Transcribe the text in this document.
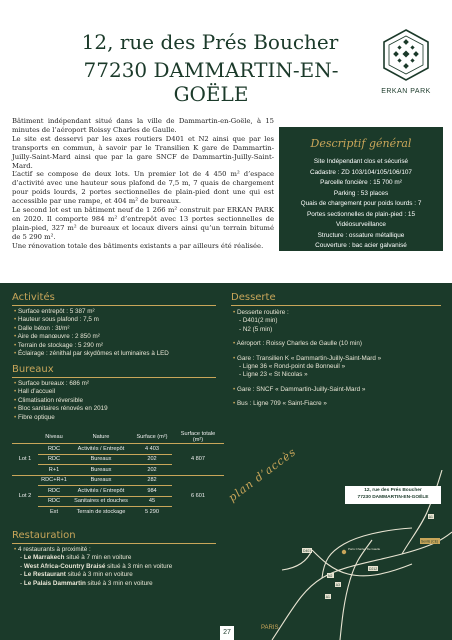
12, rue des Prés Boucher
77230 DAMMARTIN-EN-GOËLE	ERKAN PARK

Bâtiment indépendant situé dans la ville de Dammartin-en-Goële, à 15 minutes de l’aéroport Roissy Charles de Gaulle.

Le site est desservi par les axes routiers D401 et N2 ainsi que par les transports en commun, à savoir par le Transilien K gare de Dammartin-Juilly-Saint-Mard ainsi que par la gare SNCF de Dammartin-Juilly-Saint-Mard.

L’actif se compose de deux lots. Un premier lot de 4 450 m² d’espace d’activité avec une hauteur sous plafond de 7,5 m, 7 quais de chargement pour poids lourds, 2 portes sectionnelles de plain-pied dont une qui est accessible par une rampe, et 404 m² de bureaux.

Le second lot est un bâtiment neuf de 1 266 m² construit par ERKAN PARK en 2020. Il comporte 984 m² d’entrepôt avec 13 portes sectionnelles de plain-pied, 327 m² de bureaux et locaux divers ainsi qu’un terrain bitumé de 5 290 m².

Une rénovation totale des bâtiments existants a par ailleurs été réalisée.

Descriptif général
Site Indépendant clos et sécurisé
Cadastre : ZD 103/104/105/106/107
Parcelle foncière : 15 700 m²
Parking : 53 places
Quais de chargement pour poids lourds : 7
Portes sectionnelles de plain-pied : 15
Vidéosurveillance
Structure : ossature métallique
Couverture : bac acier galvanisé
Activités
• Surface entrepôt : 5 387 m²
• Hauteur sous plafond : 7,5 m
• Dalle béton : 3t/m²
• Aire de manœuvre : 2 850 m²
• Terrain de stockage : 5 290 m²
• Éclairage : zénithal par skydômes et luminaires à LED
Bureaux
• Surface bureaux : 686 m²
• Hall d’accueil
• Climatisation réversible
• Bloc sanitaires rénovés en 2019
• Fibre optique
Desserte
• Desserte routière :
- D401(2 min)
- N2 (5 min)
• Aéroport : Roissy Charles de Gaulle (10 min)
• Gare : Transilien K « Dammartin-Juilly-Saint-Mard »
- Ligne 36 « Rond-point de Bonneuil »
- Ligne 23 « St Nicolas »
• Gare : SNCF « Dammartin-Juilly-Saint-Mard »
• Bus : Ligne 709 « Saint-Fiacre »
	Niveau	Nature	Surface (m²)	Surface totale (m²)
Lot 1	RDC	Activités / Entrepôt	4 403	4 807
	RDC	Bureaux	202	
	R+1	Bureaux	202	
Lot 2	RDC+R+1	Bureaux	282	6 601
	RDC	Activités / Entrepôt	984	
	RDC	Sanitaires et douches	45	
	Ext	Terrain de stockage	5 290	
Restauration
• 4 restaurants à proximité :
- Le Marrakech situé à 7 min en voiture
- West Africa-Country Braisé situé à 3 min en voiture
- Le Restaurant situé à 3 min en voiture
- Le Palais Dammartin situé à 3 min en voiture
plan d’accès
Senlis (CE)
A1
D401
N2
Paris Charles De Gaulle
D212
A3
A1
12, rue des Prés Boucher
77230 DAMMARTIN-EN-GOËLE
27
PARIS
